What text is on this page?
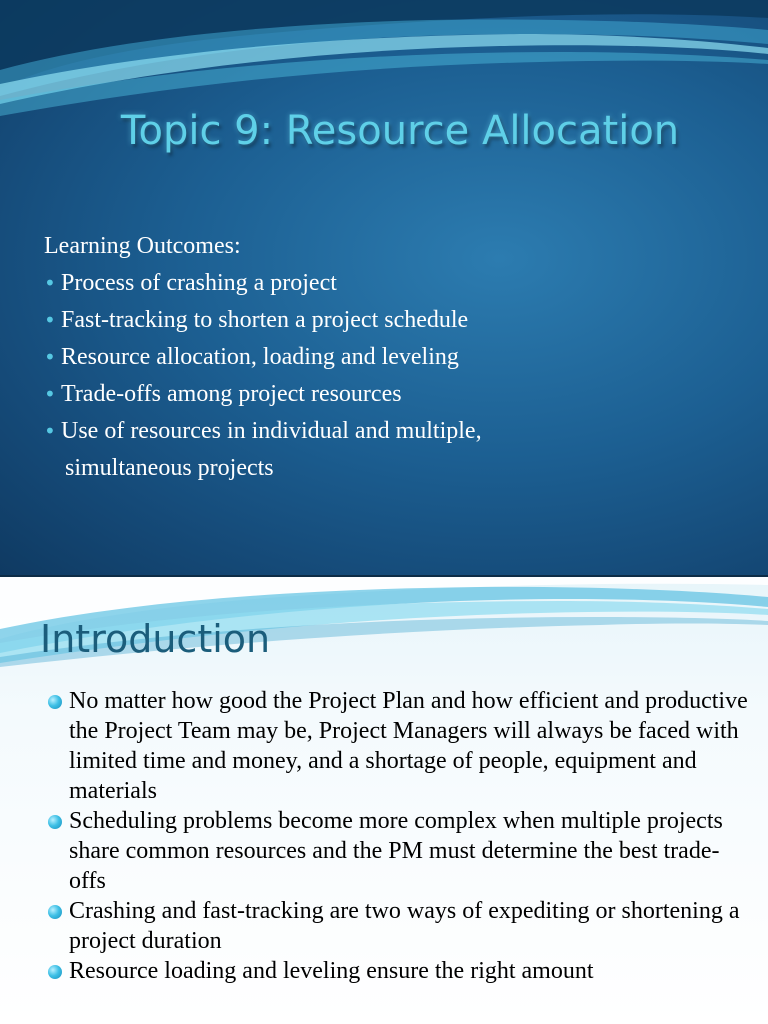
Topic 9: Resource Allocation

Learning Outcomes:

• Process of crashing a project
• Fast-tracking to shorten a project schedule
• Resource allocation, loading and leveling
• Trade-offs among project resources
• Use of resources in individual and multiple,
simultaneous projects
Introduction
No matter how good the Project Plan and how efficient and productive the Project Team may be, Project Managers will always be faced with limited time and money, and a shortage of people, equipment and materials
Scheduling problems become more complex when multiple projects share common resources and the PM must determine the best trade-offs
Crashing and fast-tracking are two ways of expediting or shortening a project duration
Resource loading and leveling ensure the right amount
